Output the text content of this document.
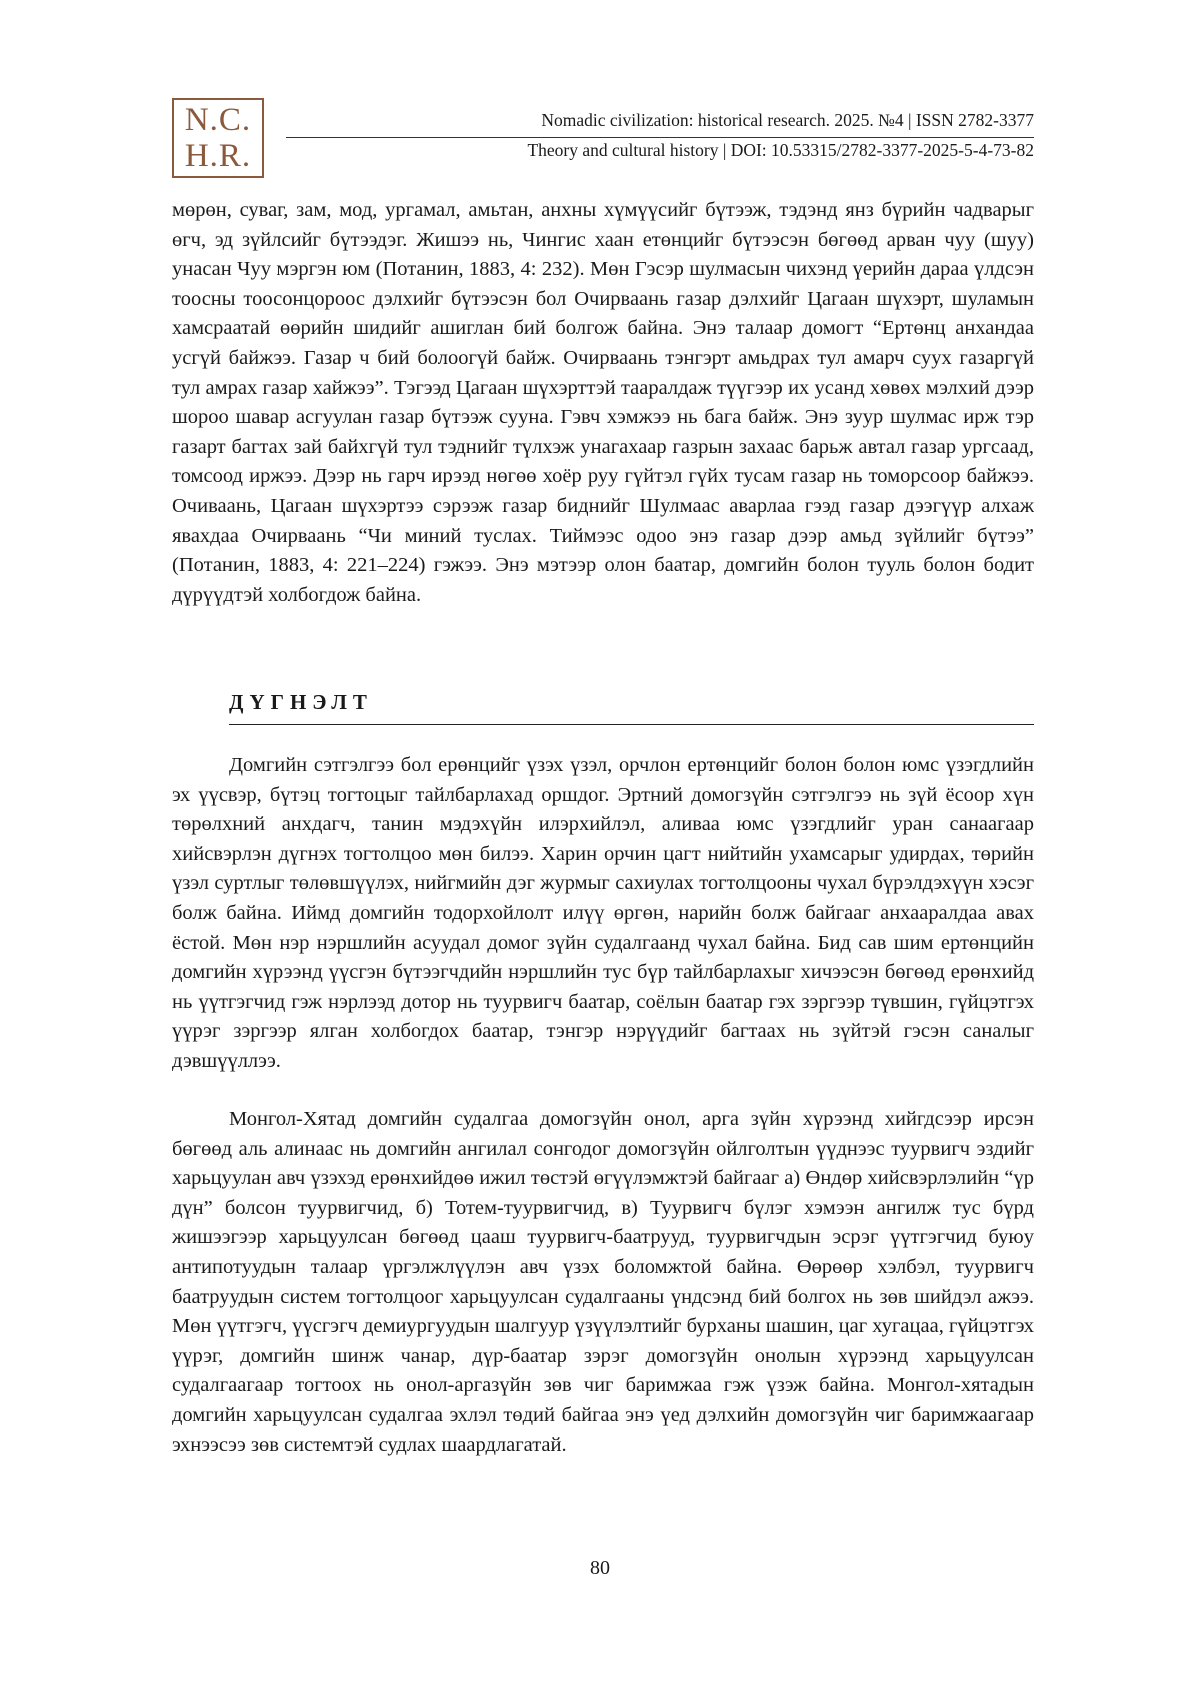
N.C.
H.R.
Nomadic civilization: historical research. 2025. №4 | ISSN 2782-3377
Theory and cultural history | DOI: 10.53315/2782-3377-2025-5-4-73-82

мөрөн, суваг, зам, мод, ургамал, амьтан, анхны хүмүүсийг бүтээж, тэдэнд янз бүрийн чадварыг өгч, эд зүйлсийг бүтээдэг. Жишээ нь, Чингис хаан етөнцийг бүтээсэн бөгөөд арван чуу (шуу) унасан Чуу мэргэн юм (Потанин, 1883, 4: 232). Мөн Гэсэр шулмасын чихэнд үерийн дараа үлдсэн тоосны тоосонцороос дэлхийг бүтээсэн бол Очирваань газар дэлхийг Цагаан шүхэрт, шуламын хамсраатай өөрийн шидийг ашиглан бий болгож байна. Энэ талаар домогт “Ертөнц анхандаа усгүй байжээ. Газар ч бий болоогүй байж. Очирваань тэнгэрт амьдрах тул амарч суух газаргүй тул амрах газар хайжээ”. Тэгээд Цагаан шүхэрттэй тааралдаж түүгээр их усанд хөвөх мэлхий дээр шороо шавар асгуулан газар бүтээж сууна. Гэвч хэмжээ нь бага байж. Энэ зуур шулмас ирж тэр газарт багтах зай байхгүй тул тэднийг түлхэж унагахаар газрын захаас барьж автал газар ургсаад, томсоод иржээ. Дээр нь гарч ирээд нөгөө хоёр руу гүйтэл гүйх тусам газар нь томорсоор байжээ. Очиваань, Цагаан шүхэртээ сэрээж газар биднийг Шулмаас аварлаа гээд газар дээгүүр алхаж явахдаа Очирваань “Чи миний туслах. Тиймээс одоо энэ газар дээр амьд зүйлийг бүтээ” (Потанин, 1883, 4: 221–224) гэжээ. Энэ мэтээр олон баатар, домгийн болон тууль болон бодит дүрүүдтэй холбогдож байна.

ДҮГНЭЛТ

Домгийн сэтгэлгээ бол ерөнцийг үзэх үзэл, орчлон ертөнцийг болон болон юмс үзэгдлийн эх үүсвэр, бүтэц тогтоцыг тайлбарлахад оршдог. Эртний домогзүйн сэтгэлгээ нь зүй ёсоор хүн төрөлхний анхдагч, танин мэдэхүйн илэрхийлэл, аливаа юмс үзэгдлийг уран санаагаар хийсвэрлэн дүгнэх тогтолцоо мөн билээ. Харин орчин цагт нийтийн ухамсарыг удирдах, төрийн үзэл суртлыг төлөвшүүлэх, нийгмийн дэг журмыг сахиулах тогтолцооны чухал бүрэлдэхүүн хэсэг болж байна. Иймд домгийн тодорхойлолт илүү өргөн, нарийн болж байгааг анхааралдаа авах ёстой. Мөн нэр нэршлийн асуудал домог зүйн судалгаанд чухал байна. Бид сав шим ертөнцийн домгийн хүрээнд үүсгэн бүтээгчдийн нэршлийн тус бүр тайлбарлахыг хичээсэн бөгөөд ерөнхийд нь үүтгэгчид гэж нэрлээд дотор нь туурвигч баатар, соёлын баатар гэх зэргээр түвшин, гүйцэтгэх үүрэг зэргээр ялган холбогдох баатар, тэнгэр нэрүүдийг багтаах нь зүйтэй гэсэн саналыг дэвшүүллээ.

Монгол-Хятад домгийн судалгаа домогзүйн онол, арга зүйн хүрээнд хийгдсээр ирсэн бөгөөд аль алинаас нь домгийн ангилал сонгодог домогзүйн ойлголтын үүднээс туурвигч эздийг харьцуулан авч үзэхэд ерөнхийдөө ижил төстэй өгүүлэмжтэй байгааг а) Өндөр хийсвэрлэлийн “үр дүн” болсон туурвигчид, б) Тотем-туурвигчид, в) Туурвигч бүлэг хэмээн ангилж тус бүрд жишээгээр харьцуулсан бөгөөд цааш туурвигч-баатрууд, туурвигчдын эсрэг үүтгэгчид буюу антипотуудын талаар үргэлжлүүлэн авч үзэх боломжтой байна. Өөрөөр хэлбэл, туурвигч баатруудын систем тогтолцоог харьцуулсан судалгааны үндсэнд бий болгох нь зөв шийдэл ажээ. Мөн үүтгэгч, үүсгэгч демиургуудын шалгуур үзүүлэлтийг бурханы шашин, цаг хугацаа, гүйцэтгэх үүрэг, домгийн шинж чанар, дүр-баатар зэрэг домогзүйн онолын хүрээнд харьцуулсан судалгаагаар тогтоох нь онол-аргазүйн зөв чиг баримжаа гэж үзэж байна. Монгол-хятадын домгийн харьцуулсан судалгаа эхлэл төдий байгаа энэ үед дэлхийн домогзүйн чиг баримжаагаар эхнээсээ зөв системтэй судлах шаардлагатай.

80
